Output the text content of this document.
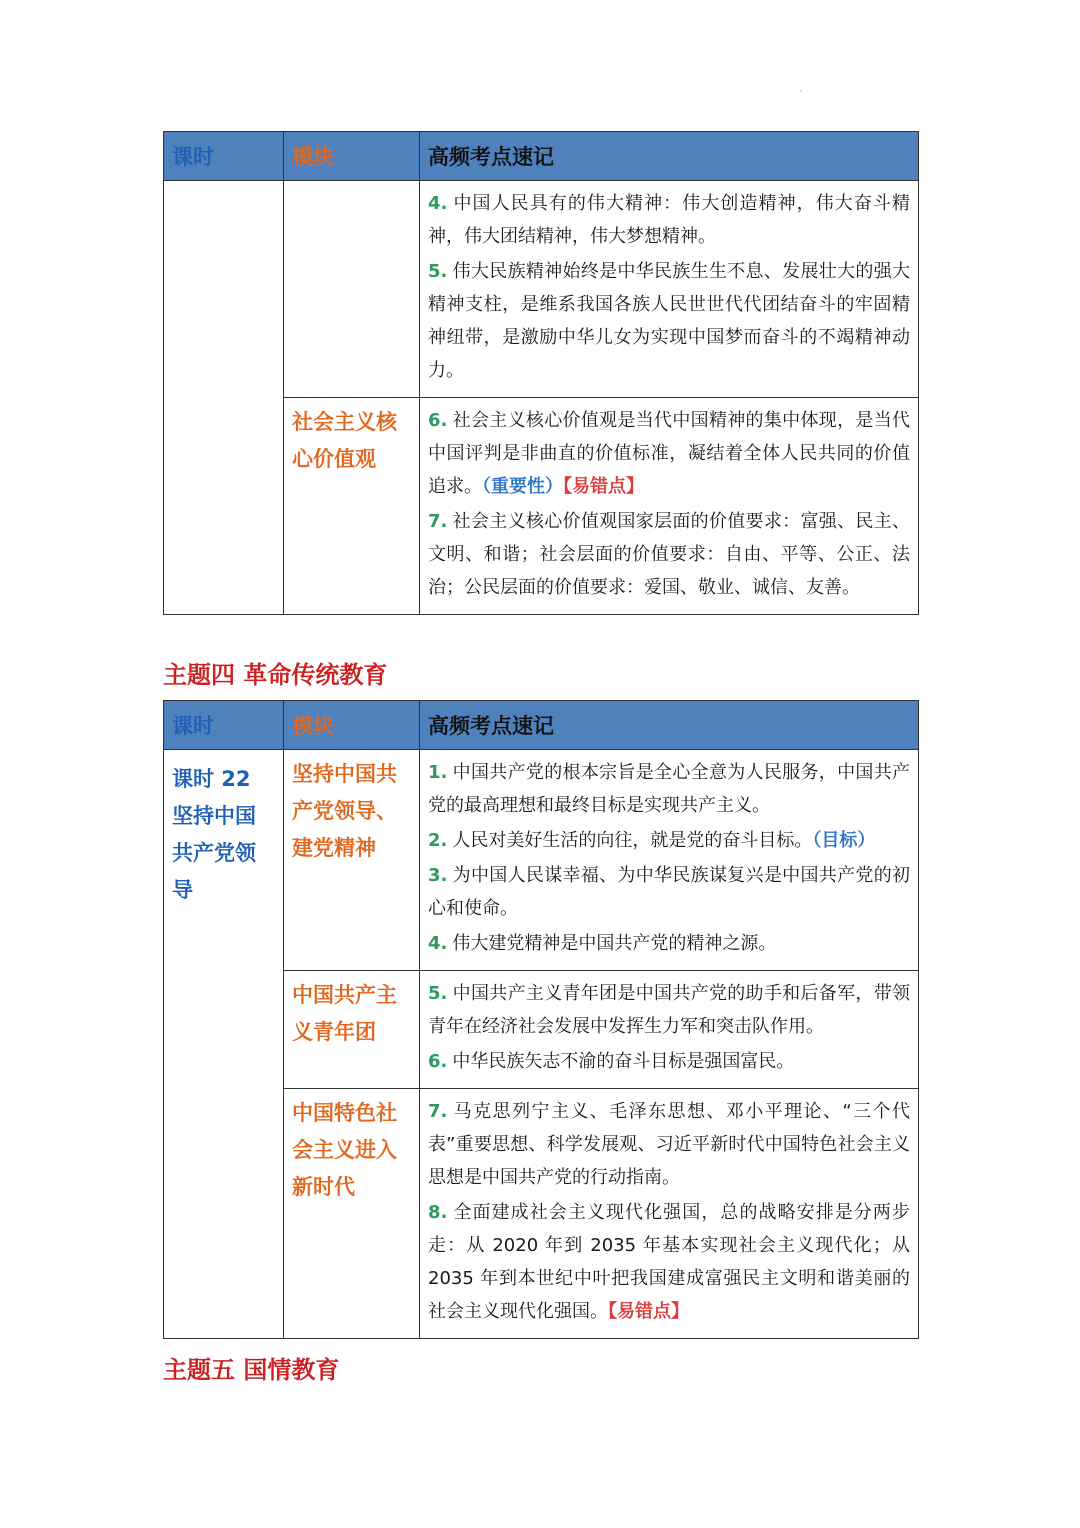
课时	模块	高频考点速记

		4. 中国人民具有的伟大精神：伟大创造精神，伟大奋斗精神，伟大团结精神，伟大梦想精神。

5. 伟大民族精神始终是中华民族生生不息、发展壮大的强大精神支柱，是维系我国各族人民世世代代团结奋斗的牢固精神纽带，是激励中华儿女为实现中国梦而奋斗的不竭精神动力。

	社会主义核心价值观	6. 社会主义核心价值观是当代中国精神的集中体现，是当代中国评判是非曲直的价值标准，凝结着全体人民共同的价值追求。（重要性）【易错点】

7. 社会主义核心价值观国家层面的价值要求：富强、民主、文明、和谐；社会层面的价值要求：自由、平等、公正、法治；公民层面的价值要求：爱国、敬业、诚信、友善。

主题四 革命传统教育
课时	模块	高频考点速记

课时 22 坚持中国共产党领导	坚持中国共产党领导、建党精神	1. 中国共产党的根本宗旨是全心全意为人民服务，中国共产党的最高理想和最终目标是实现共产主义。

2. 人民对美好生活的向往，就是党的奋斗目标。（目标）

3. 为中国人民谋幸福、为中华民族谋复兴是中国共产党的初心和使命。

4. 伟大建党精神是中国共产党的精神之源。

	中国共产主义青年团	5. 中国共产主义青年团是中国共产党的助手和后备军，带领青年在经济社会发展中发挥生力军和突击队作用。

6. 中华民族矢志不渝的奋斗目标是强国富民。

	中国特色社会主义进入新时代	7. 马克思列宁主义、毛泽东思想、邓小平理论、“三个代表”重要思想、科学发展观、习近平新时代中国特色社会主义思想是中国共产党的行动指南。

8. 全面建成社会主义现代化强国，总的战略安排是分两步走：从 2020 年到 2035 年基本实现社会主义现代化；从 2035 年到本世纪中叶把我国建成富强民主文明和谐美丽的社会主义现代化强国。【易错点】

主题五 国情教育
